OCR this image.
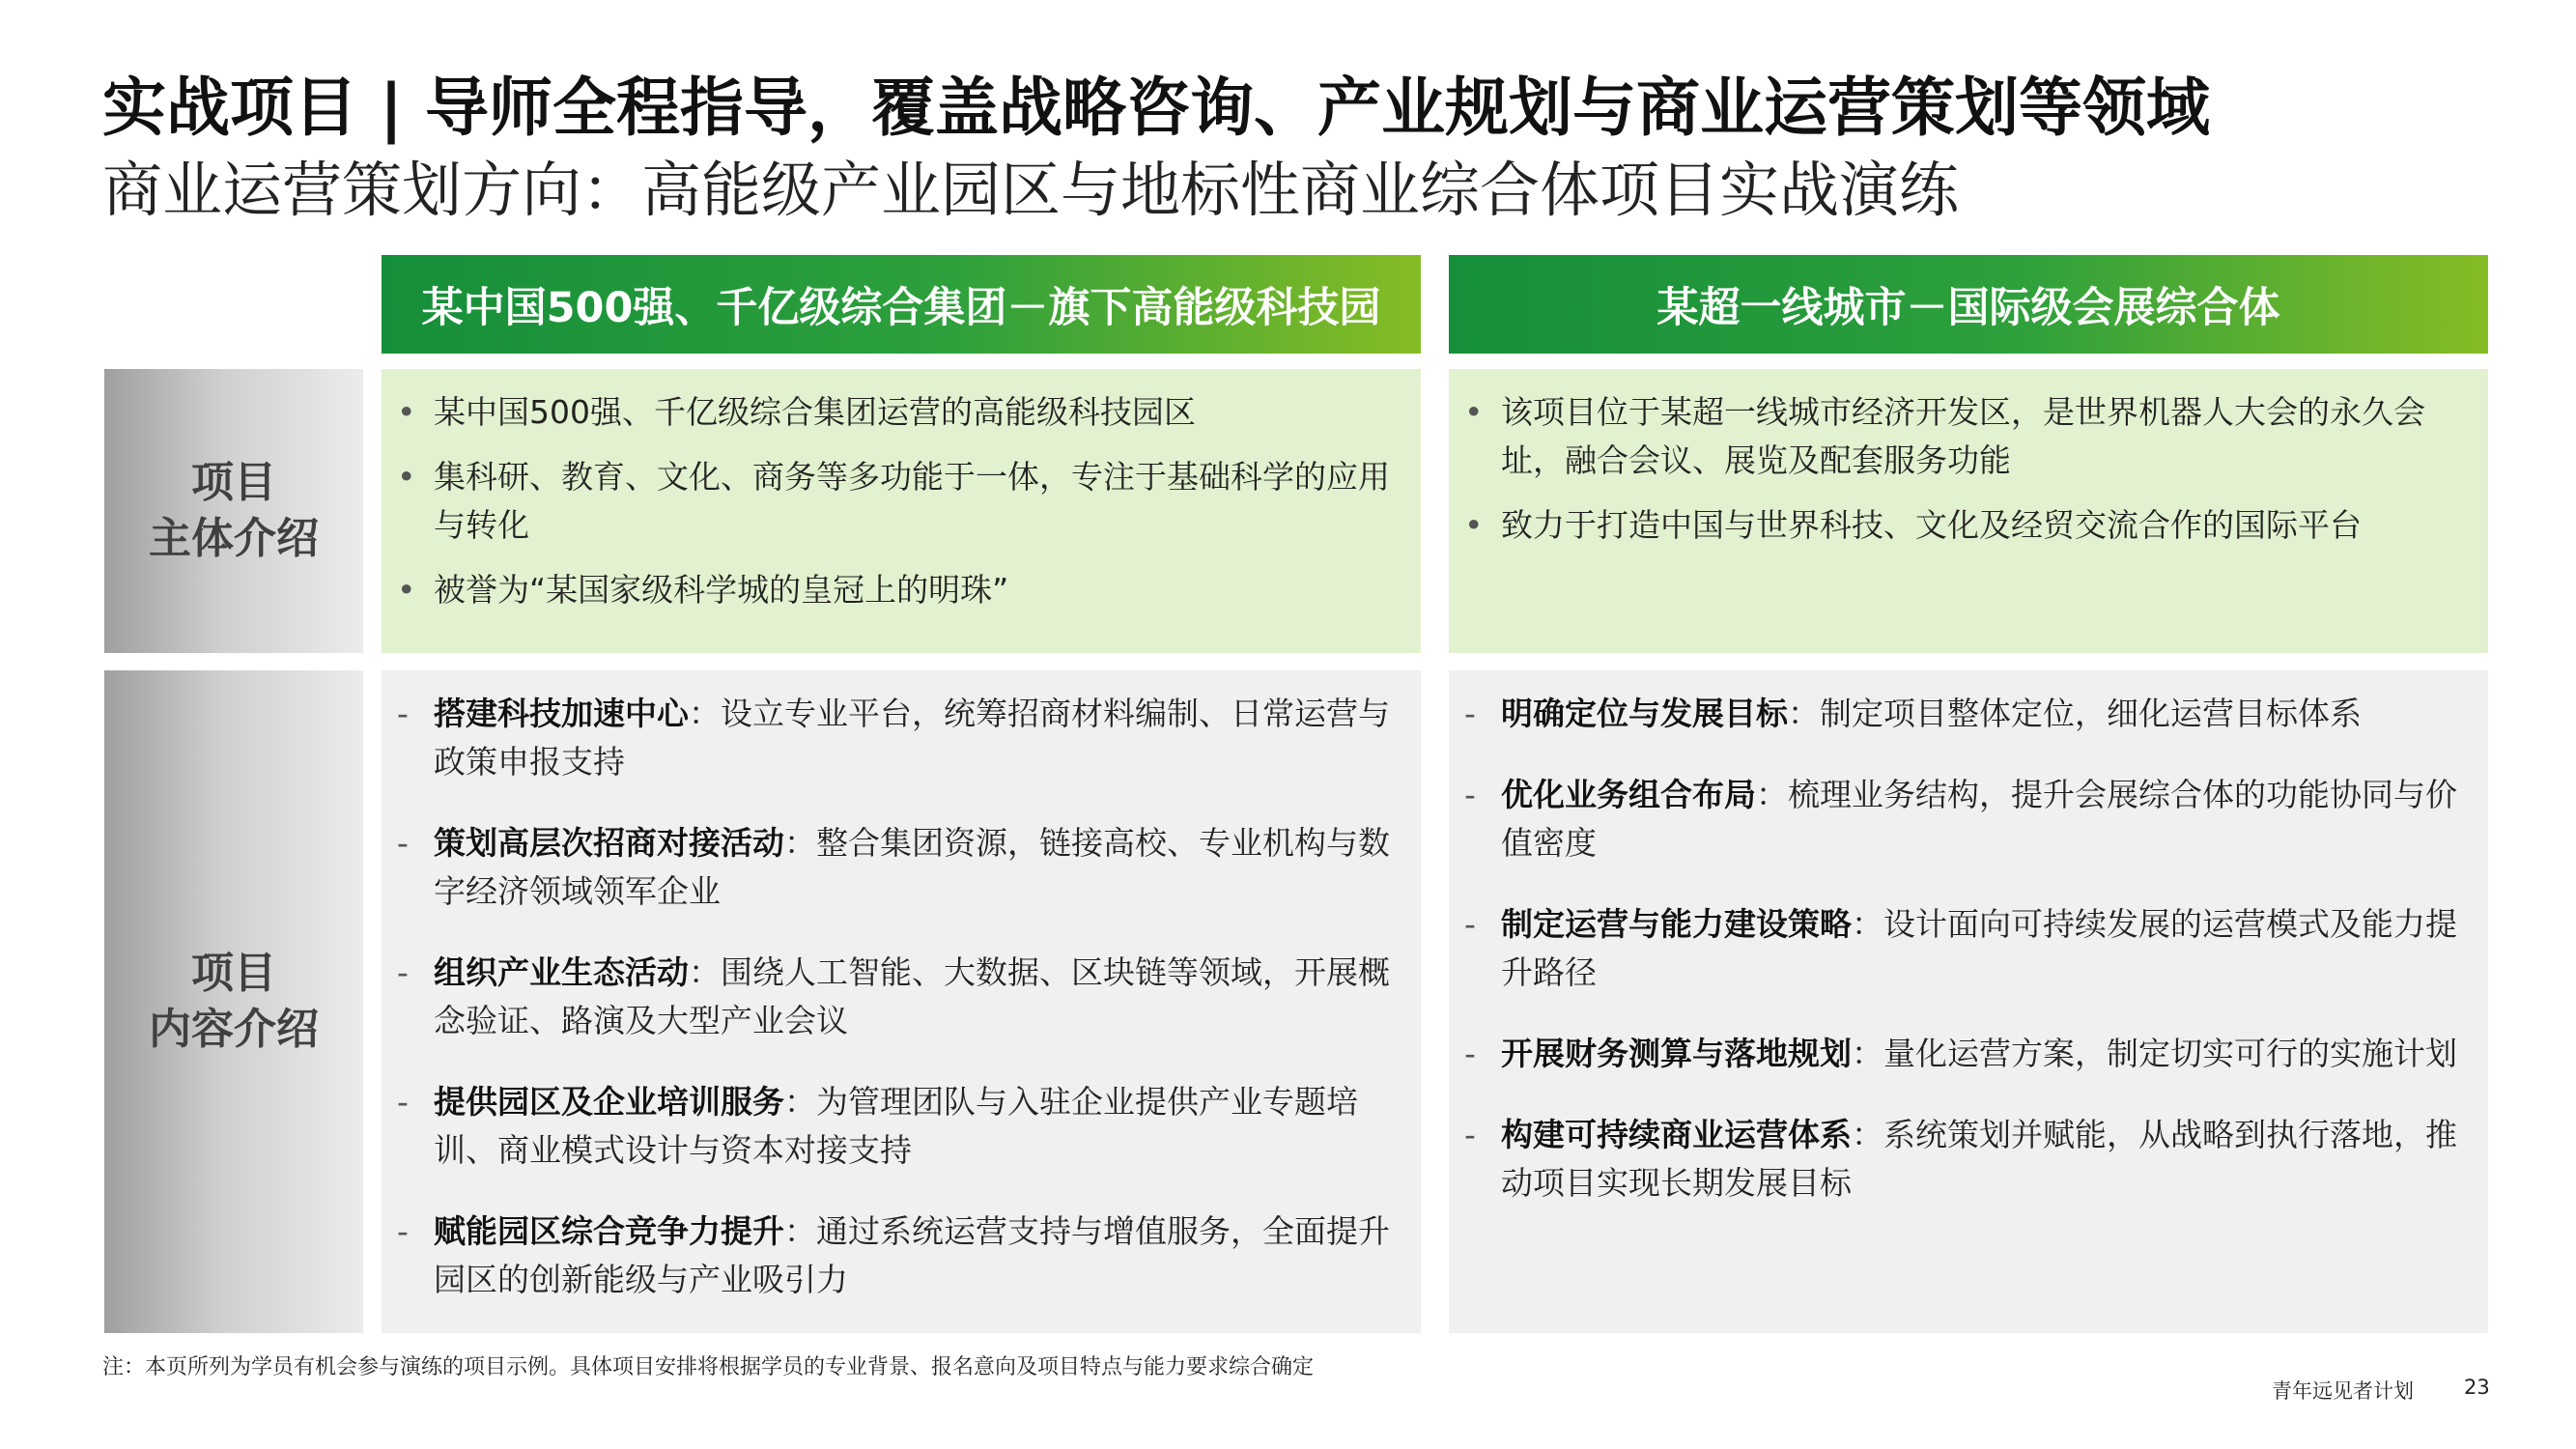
实战项目 | 导师全程指导，覆盖战略咨询、产业规划与商业运营策划等领域
商业运营策划方向：高能级产业园区与地标性商业综合体项目实战演练
项目
主体介绍
项目
内容介绍
某中国500强、千亿级综合集团－旗下高能级科技园	某超一线城市－国际级会展综合体
• 某中国500强、千亿级综合集团运营的高能级科技园区
• 集科研、教育、文化、商务等多功能于一体，专注于基础科学的应用与转化
• 被誉为“某国家级科学城的皇冠上的明珠”
• 该项目位于某超一线城市经济开发区，是世界机器人大会的永久会址，融合会议、展览及配套服务功能
• 致力于打造中国与世界科技、文化及经贸交流合作的国际平台
- 搭建科技加速中心：设立专业平台，统筹招商材料编制、日常运营与政策申报支持
- 策划高层次招商对接活动：整合集团资源，链接高校、专业机构与数字经济领域领军企业
- 组织产业生态活动：围绕人工智能、大数据、区块链等领域，开展概念验证、路演及大型产业会议
- 提供园区及企业培训服务：为管理团队与入驻企业提供产业专题培训、商业模式设计与资本对接支持
- 赋能园区综合竞争力提升：通过系统运营支持与增值服务，全面提升园区的创新能级与产业吸引力
- 明确定位与发展目标：制定项目整体定位，细化运营目标体系
- 优化业务组合布局：梳理业务结构，提升会展综合体的功能协同与价值密度
- 制定运营与能力建设策略：设计面向可持续发展的运营模式及能力提升路径
- 开展财务测算与落地规划：量化运营方案，制定切实可行的实施计划
- 构建可持续商业运营体系：系统策划并赋能，从战略到执行落地，推动项目实现长期发展目标
注：本页所列为学员有机会参与演练的项目示例。具体项目安排将根据学员的专业背景、报名意向及项目特点与能力要求综合确定
青年远见者计划 23
